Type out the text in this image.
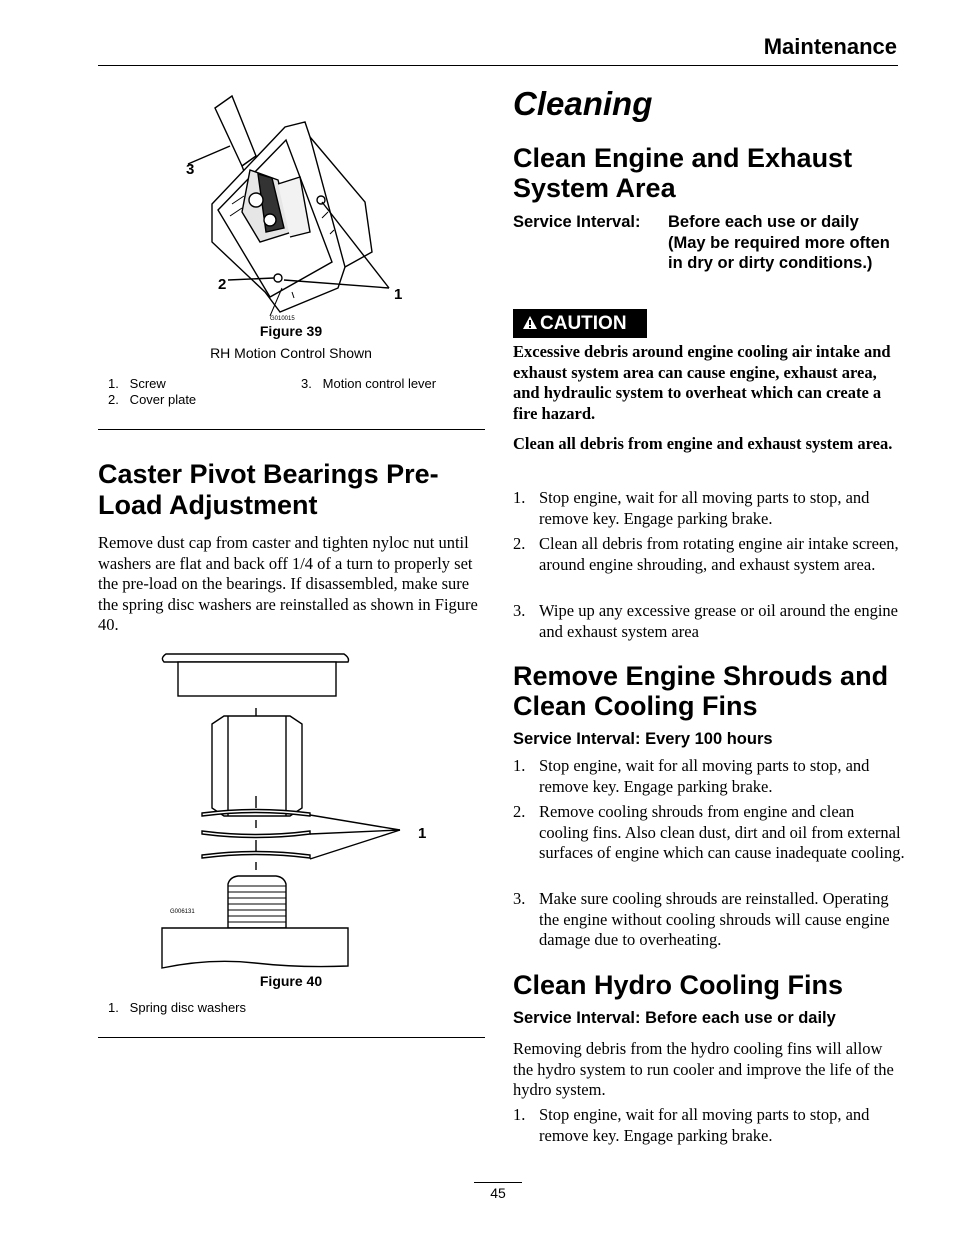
Maintenance
3
2
1
G010015
Figure 39
RH Motion Control Shown
1.   Screw
2.   Cover plate
3.   Motion control lever
Caster Pivot Bearings Pre-Load Adjustment
Remove dust cap from caster and tighten nyloc nut until washers are flat and back off 1/4 of a turn to properly set the pre-load on the bearings. If disassembled, make sure the spring disc washers are reinstalled as shown in Figure 40.
1
G006131
Figure 40
1.   Spring disc washers
Cleaning
Clean Engine and Exhaust System Area
Service Interval: Before each use or daily (May be required more often in dry or dirty conditions.)
CAUTION
Excessive debris around engine cooling air intake and exhaust system area can cause engine, exhaust area, and hydraulic system to overheat which can create a fire hazard.
Clean all debris from engine and exhaust system area.
1. Stop engine, wait for all moving parts to stop, and remove key. Engage parking brake.
2. Clean all debris from rotating engine air intake screen, around engine shrouding, and exhaust system area.
3. Wipe up any excessive grease or oil around the engine and exhaust system area
Remove Engine Shrouds and Clean Cooling Fins
Service Interval: Every 100 hours
1. Stop engine, wait for all moving parts to stop, and remove key. Engage parking brake.
2. Remove cooling shrouds from engine and clean cooling fins. Also clean dust, dirt and oil from external surfaces of engine which can cause inadequate cooling.
3. Make sure cooling shrouds are reinstalled. Operating the engine without cooling shrouds will cause engine damage due to overheating.
Clean Hydro Cooling Fins
Service Interval: Before each use or daily
Removing debris from the hydro cooling fins will allow the hydro system to run cooler and improve the life of the hydro system.
1. Stop engine, wait for all moving parts to stop, and remove key. Engage parking brake.
45
